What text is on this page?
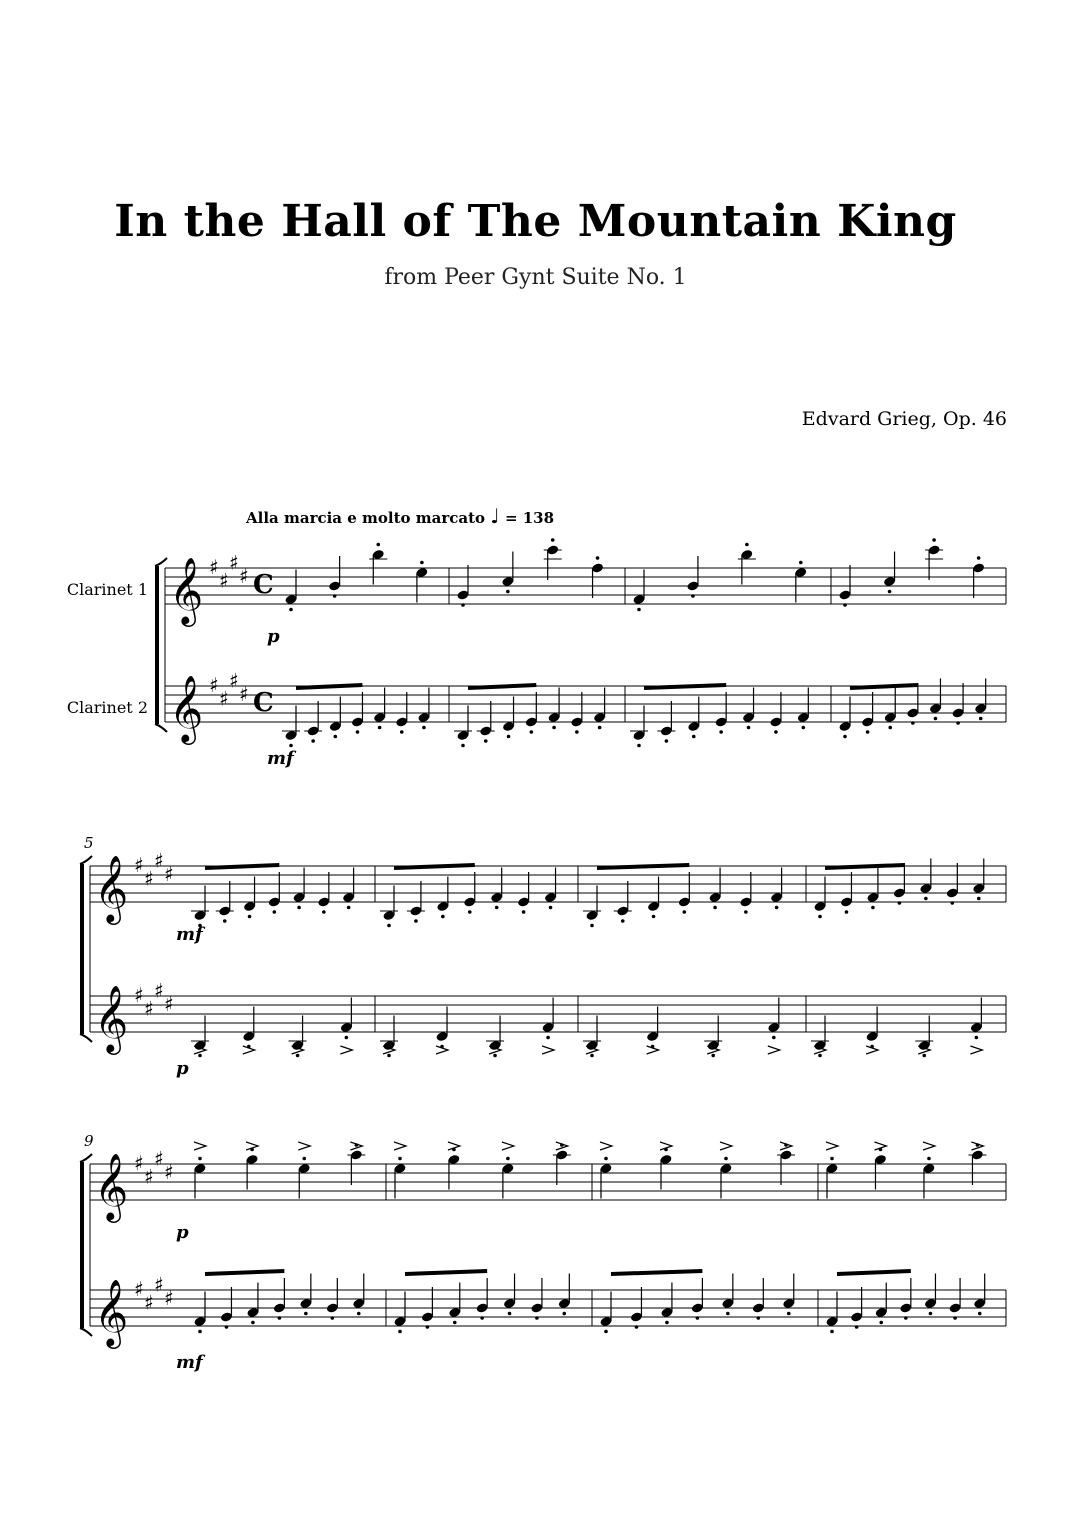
In the Hall of The Mountain King
from Peer Gynt Suite No. 1
Edvard Grieg, Op. 46
Alla marcia e molto marcato ♩ = 138
Clarinet 1
Clarinet 2
𝄞
𝄞
♯
♯
♯
♯
♯
♯
♯
♯
C
C
p
mf
𝄞
𝄞
♯
♯
♯
♯
♯
♯
♯
♯
5
mf
p
𝄞
𝄞
♯
♯
♯
♯
♯
♯
♯
♯
9
p
mf
